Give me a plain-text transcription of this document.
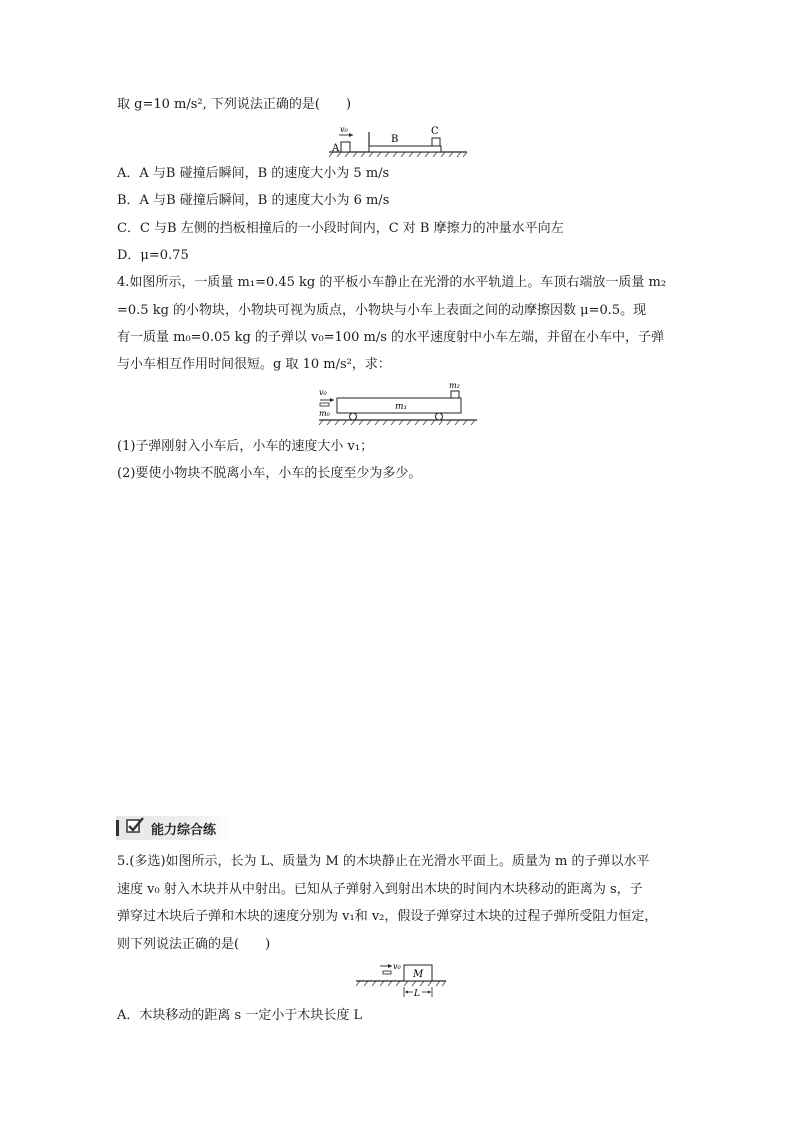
取 g=10 m/s², 下列说法正确的是(　　)
A
v₀
B
C
A．A 与B 碰撞后瞬间，B 的速度大小为 5 m/s
B．A 与B 碰撞后瞬间，B 的速度大小为 6 m/s
C．C 与B 左侧的挡板相撞后的一小段时间内，C 对 B 摩擦力的冲量水平向左
D．μ=0.75
4.如图所示，一质量 m₁=0.45 kg 的平板小车静止在光滑的水平轨道上。车顶右端放一质量 m₂
=0.5 kg 的小物块，小物块可视为质点，小物块与小车上表面之间的动摩擦因数 μ=0.5。现
有一质量 m₀=0.05 kg 的子弹以 v₀=100 m/s 的水平速度射中小车左端，并留在小车中，子弹
与小车相互作用时间很短。g 取 10 m/s²，求：
m₁
m₂
v₀
m₀
(1)子弹刚射入小车后，小车的速度大小 v₁；
(2)要使小物块不脱离小车，小车的长度至少为多少。
能力综合练
5.(多选)如图所示，长为 L、质量为 M 的木块静止在光滑水平面上。质量为 m 的子弹以水平
速度 v₀ 射入木块并从中射出。已知从子弹射入到射出木块的时间内木块移动的距离为 s，子
弹穿过木块后子弹和木块的速度分别为 v₁和 v₂，假设子弹穿过木块的过程子弹所受阻力恒定，
则下列说法正确的是(　　)
M
v₀
L
A．木块移动的距离 s 一定小于木块长度 L
